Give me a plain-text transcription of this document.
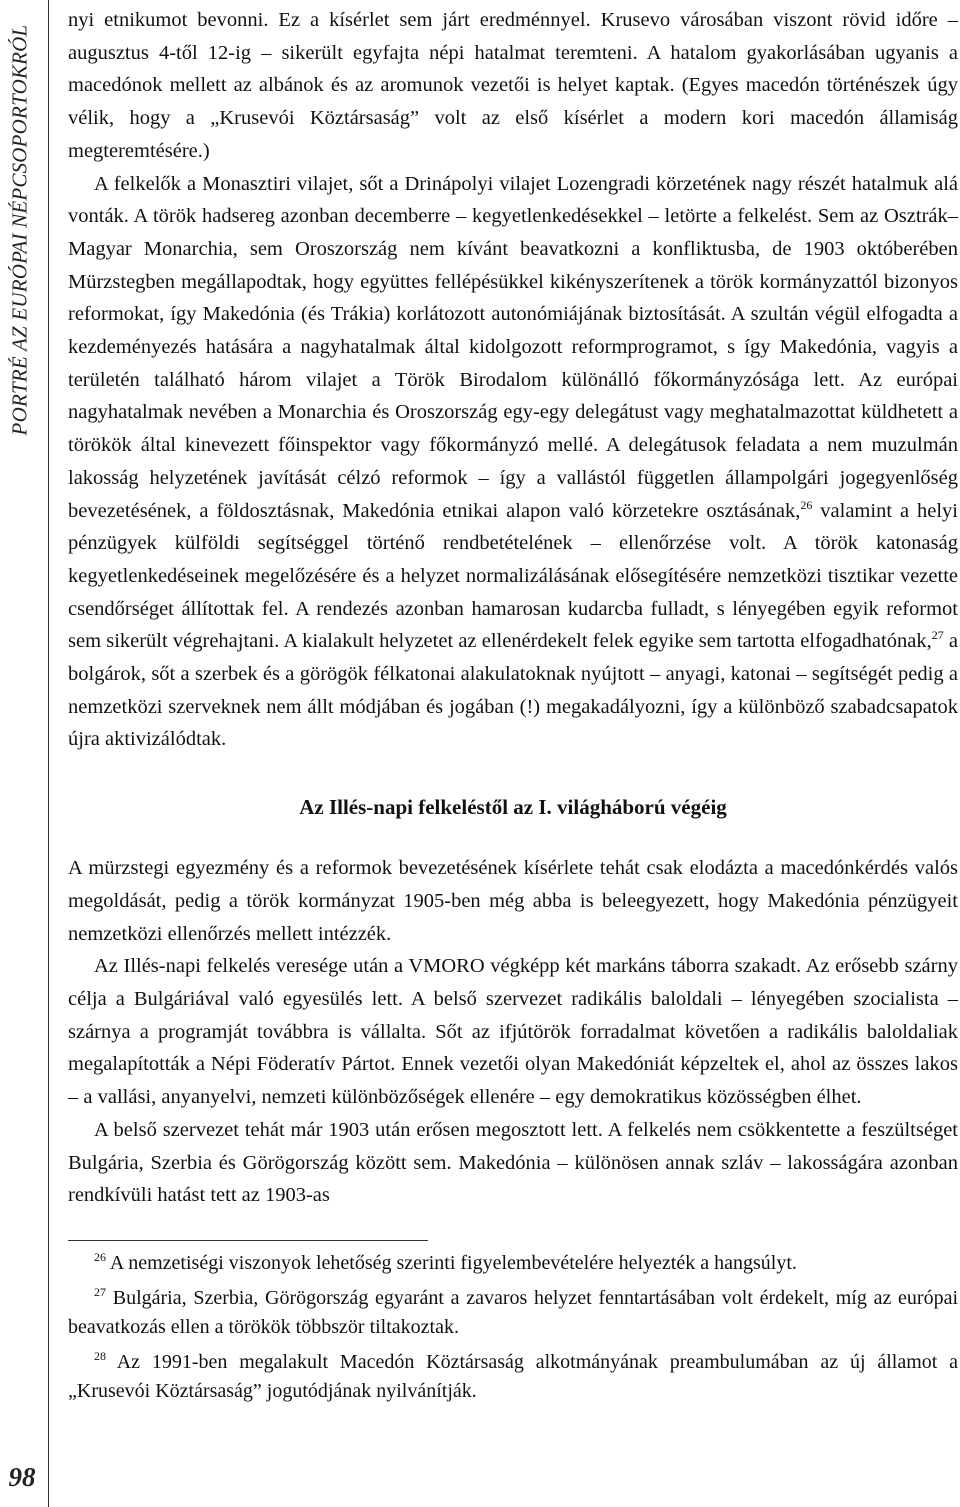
PORTRÉ AZ EURÓPAI NÉPCSOPORTOKRÓL
98

nyi etnikumot bevonni. Ez a kísérlet sem járt eredménnyel. Krusevo városában viszont rövid időre – augusztus 4-től 12-ig – sikerült egyfajta népi hatalmat teremteni. A hatalom gyakorlásában ugyanis a macedónok mellett az albánok és az aromunok vezetői is helyet kaptak. (Egyes macedón történészek úgy vélik, hogy a „Krusevói Köztársaság” volt az első kísérlet a modern kori macedón államiság megteremtésére.)

A felkelők a Monasztiri vilajet, sőt a Drinápolyi vilajet Lozengradi körzetének nagy részét hatalmuk alá vonták. A török hadsereg azonban decemberre – kegyetlenkedésekkel – letörte a felkelést. Sem az Osztrák–Magyar Monarchia, sem Oroszország nem kívánt beavatkozni a konfliktusba, de 1903 októberében Mürzstegben megállapodtak, hogy együttes fellépésükkel kikényszerítenek a török kormányzattól bizonyos reformokat, így Makedónia (és Trákia) korlátozott autonómiájának biztosítását. A szultán végül elfogadta a kezdeményezés hatására a nagyhatalmak által kidolgozott reformprogramot, s így Makedónia, vagyis a területén található három vilajet a Török Birodalom különálló főkormányzósága lett. Az európai nagyhatalmak nevében a Monarchia és Oroszország egy-egy delegátust vagy meghatalmazottat küldhetett a törökök által kinevezett főinspektor vagy főkormányzó mellé. A delegátusok feladata a nem muzulmán lakosság helyzetének javítását célzó reformok – így a vallástól független állampolgári jogegyenlőség bevezetésének, a földosztásnak, Makedónia etnikai alapon való körzetekre osztásának,$^{26}$ valamint a helyi pénzügyek külföldi segítséggel történő rendbetételének – ellenőrzése volt. A török katonaság kegyetlenkedéseinek megelőzésére és a helyzet normalizálásának elősegítésére nemzetközi tisztikar vezette csendőrséget állítottak fel. A rendezés azonban hamarosan kudarcba fulladt, s lényegében egyik reformot sem sikerült végrehajtani. A kialakult helyzetet az ellenérdekelt felek egyike sem tartotta elfogadhatónak,$^{27}$ a bolgárok, sőt a szerbek és a görögök félkatonai alakulatoknak nyújtott – anyagi, katonai – segítségét pedig a nemzetközi szerveknek nem állt módjában és jogában (!) megakadályozni, így a különböző szabadcsapatok újra aktivizálódtak.

Az Illés-napi felkeléstől az I. világháború végéig

A mürzstegi egyezmény és a reformok bevezetésének kísérlete tehát csak elodázta a macedónkérdés valós megoldását, pedig a török kormányzat 1905-ben még abba is beleegyezett, hogy Makedónia pénzügyeit nemzetközi ellenőrzés mellett intézzék.

Az Illés-napi felkelés veresége után a VMORO végképp két markáns táborra szakadt. Az erősebb szárny célja a Bulgáriával való egyesülés lett. A belső szervezet radikális baloldali – lényegében szocialista – szárnya a programját továbbra is vállalta. Sőt az ifjútörök forradalmat követően a radikális baloldaliak megalapították a Népi Föderatív Pártot. Ennek vezetői olyan Makedóniát képzeltek el, ahol az összes lakos – a vallási, anyanyelvi, nemzeti különbözőségek ellenére – egy demokratikus közösségben élhet.

A belső szervezet tehát már 1903 után erősen megosztott lett. A felkelés nem csökkentette a feszültséget Bulgária, Szerbia és Görögország között sem. Makedónia – különösen annak szláv – lakosságára azonban rendkívüli hatást tett az 1903-as

$^{26}$ A nemzetiségi viszonyok lehetőség szerinti figyelembevételére helyezték a hangsúlyt.

$^{27}$ Bulgária, Szerbia, Görögország egyaránt a zavaros helyzet fenntartásában volt érdekelt, míg az európai beavatkozás ellen a törökök többször tiltakoztak.

$^{28}$ Az 1991-ben megalakult Macedón Köztársaság alkotmányának preambulumában az új államot a „Krusevói Köztársaság” jogutódjának nyilvánítják.
